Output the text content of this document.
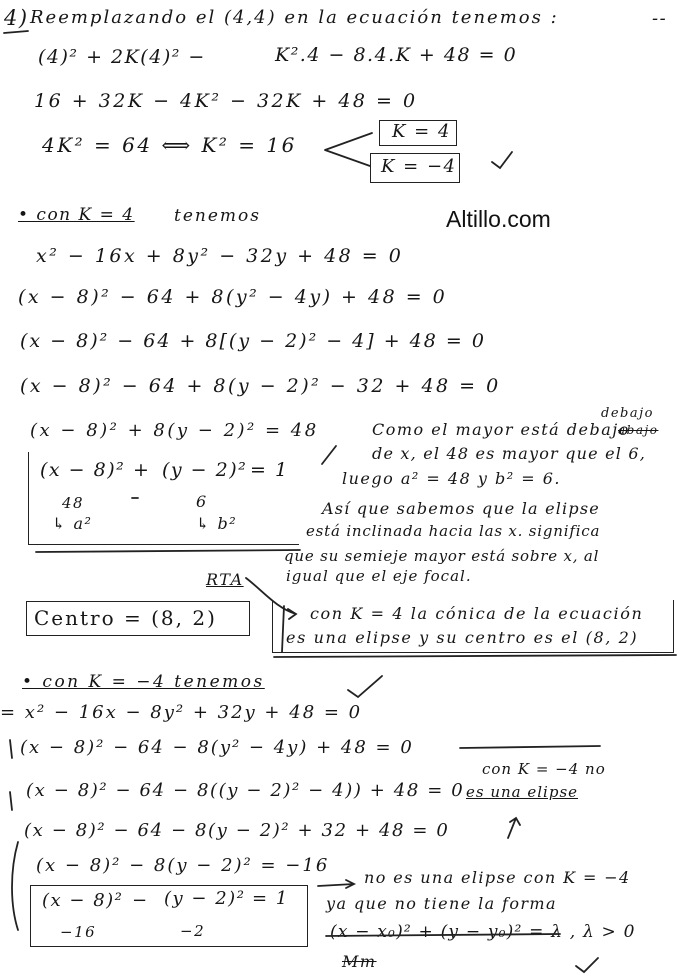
4) Reemplazando el (4,4) en la ecuación tenemos :	--
(4)² + 2K(4)² −	K².4 − 8.4.K + 48 = 0
16 + 32K − 4K² − 32K + 48 = 0
4K² = 64 ⟺ K² = 16
K = 4
K = −4
Altillo.com
• con K = 4 tenemos
x² − 16x + 8y² − 32y + 48 = 0
(x − 8)² − 64 + 8(y² − 4y) + 48 = 0
(x − 8)² − 64 + 8[(y − 2)² − 4] + 48 = 0
(x − 8)² − 64 + 8(y − 2)² − 32 + 48 = 0
(x − 8)² + 8(y − 2)² = 48
(x − 8)² + (y − 2)² = 1
48	6
↳ a²	↳ b²
debajo
Como el mayor está debajo
abajo
de x, el 48 es mayor que el 6,
luego a² = 48 y b² = 6.
Así que sabemos que la elipse
está inclinada hacia las x. significa
que su semieje mayor está sobre x, al
igual que el eje focal.
RTA
Centro = (8, 2)	con K = 4 la cónica de la ecuación
es una elipse y su centro es el (8, 2)
• con K = −4 tenemos
= x² − 16x − 8y² + 32y + 48 = 0
(x − 8)² − 64 − 8(y² − 4y) + 48 = 0
(x − 8)² − 64 − 8((y − 2)² − 4)) + 48 = 0
(x − 8)² − 64 − 8(y − 2)² + 32 + 48 = 0
(x − 8)² − 8(y − 2)² = −16
(x − 8)² − (y − 2)² = 1
−16	−2
con K = −4 no
es una elipse
no es una elipse con K = −4
ya que no tiene la forma
(x − x₀)² + (y − y₀)² = λ , λ > 0
Mm
